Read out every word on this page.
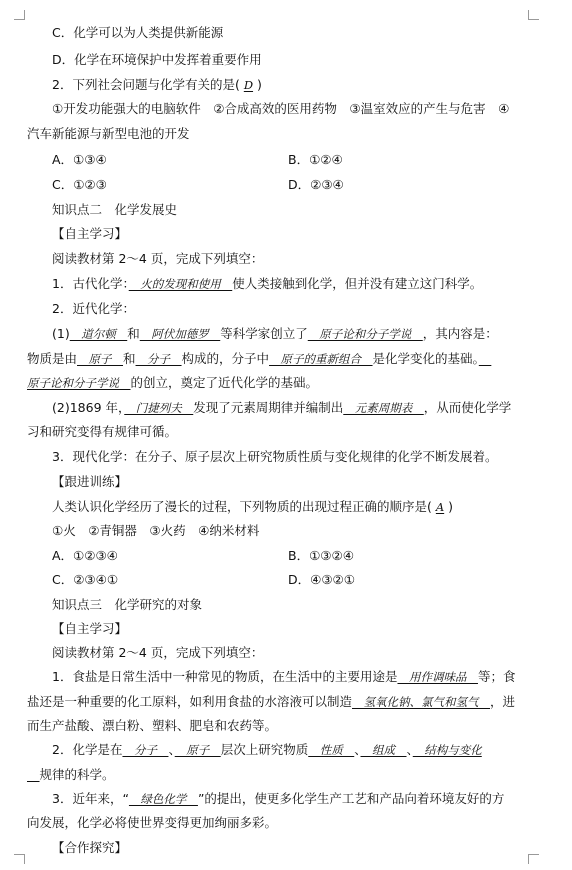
C．化学可以为人类提供新能源
D．化学在环境保护中发挥着重要作用
2．下列社会问题与化学有关的是( D )
①开发功能强大的电脑软件　②合成高效的医用药物　③温室效应的产生与危害　④
汽车新能源与新型电池的开发
A．①③④	B．①②④
C．①②③	D．②③④
知识点二　化学发展史
【自主学习】
阅读教材第 2～4 页，完成下列填空：
1．古代化学：　火的发现和使用　使人类接触到化学，但并没有建立这门科学。
2．近代化学：
(1)　道尔顿　和　阿伏加德罗　等科学家创立了　原子论和分子学说　，其内容是：
物质是由　原子　和　分子　构成的，分子中　原子的重新组合　是化学变化的基础。　
原子论和分子学说　的创立，奠定了近代化学的基础。
(2)1869 年，　门捷列夫　发现了元素周期律并编制出　元素周期表　，从而使化学学
习和研究变得有规律可循。
3．现代化学：在分子、原子层次上研究物质性质与变化规律的化学不断发展着。
【跟进训练】
人类认识化学经历了漫长的过程，下列物质的出现过程正确的顺序是( A )
①火　②青铜器　③火药　④纳米材料
A．①②③④	B．①③②④
C．②③④①	D．④③②①
知识点三　化学研究的对象
【自主学习】
阅读教材第 2～4 页，完成下列填空：
1．食盐是日常生活中一种常见的物质，在生活中的主要用途是　用作调味品　等；食
盐还是一种重要的化工原料，如利用食盐的水溶液可以制造　氢氧化钠、氯气和氢气　，进
而生产盐酸、漂白粉、塑料、肥皂和农药等。
2．化学是在　分子　、　原子　层次上研究物质　性质　、　组成　、　结构与变化
　规律的科学。
3．近年来，“　绿色化学　”的提出，使更多化学生产工艺和产品向着环境友好的方
向发展，化学必将使世界变得更加绚丽多彩。
【合作探究】
